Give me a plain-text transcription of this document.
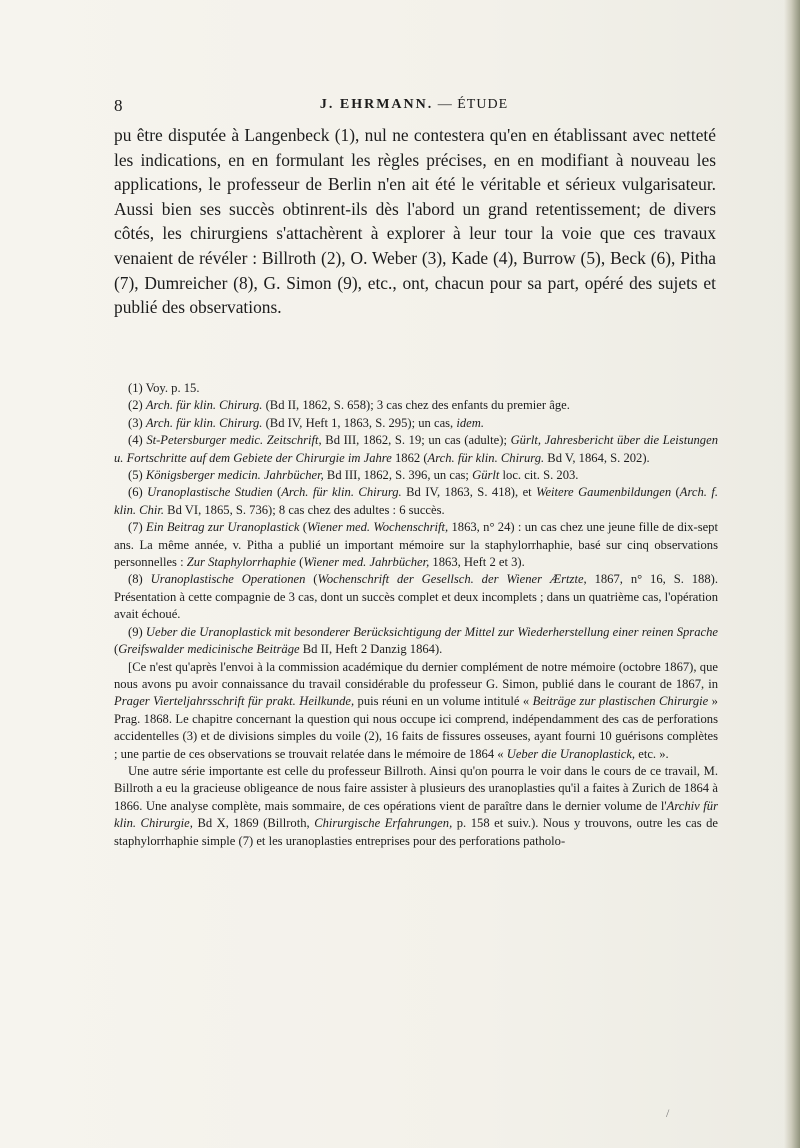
8	J. EHRMANN. — ÉTUDE

pu être disputée à Langenbeck (1), nul ne contestera qu'en en établissant avec netteté les indications, en en formulant les règles précises, en en modifiant à nouveau les applications, le professeur de Berlin n'en ait été le véritable et sérieux vulgarisateur. Aussi bien ses succès obtinrent-ils dès l'abord un grand retentissement; de divers côtés, les chirurgiens s'attachèrent à explorer à leur tour la voie que ces travaux venaient de révéler : Billroth (2), O. Weber (3), Kade (4), Burrow (5), Beck (6), Pitha (7), Dumreicher (8), G. Simon (9), etc., ont, chacun pour sa part, opéré des sujets et publié des observations.

(1) Voy. p. 15.

(2) Arch. für klin. Chirurg. (Bd II, 1862, S. 658); 3 cas chez des enfants du premier âge.

(3) Arch. für klin. Chirurg. (Bd IV, Heft 1, 1863, S. 295); un cas, idem.

(4) St-Petersburger medic. Zeitschrift, Bd III, 1862, S. 19; un cas (adulte); Gürlt, Jahresbericht über die Leistungen u. Fortschritte auf dem Gebiete der Chirurgie im Jahre 1862 (Arch. für klin. Chirurg. Bd V, 1864, S. 202).

(5) Königsberger medicin. Jahrbücher, Bd III, 1862, S. 396, un cas; Gürlt loc. cit. S. 203.

(6) Uranoplastische Studien (Arch. für klin. Chirurg. Bd IV, 1863, S. 418), et Weitere Gaumenbildungen (Arch. f. klin. Chir. Bd VI, 1865, S. 736); 8 cas chez des adultes : 6 succès.

(7) Ein Beitrag zur Uranoplastick (Wiener med. Wochenschrift, 1863, n° 24) : un cas chez une jeune fille de dix-sept ans. La même année, v. Pitha a publié un important mémoire sur la staphylorrhaphie, basé sur cinq observations personnelles : Zur Staphylorrhaphie (Wiener med. Jahrbücher, 1863, Heft 2 et 3).

(8) Uranoplastische Operationen (Wochenschrift der Gesellsch. der Wiener Ærtzte, 1867, n° 16, S. 188). Présentation à cette compagnie de 3 cas, dont un succès complet et deux incomplets ; dans un quatrième cas, l'opération avait échoué.

(9) Ueber die Uranoplastick mit besonderer Berücksichtigung der Mittel zur Wiederherstellung einer reinen Sprache (Greifswalder medicinische Beiträge Bd II, Heft 2 Danzig 1864).

[Ce n'est qu'après l'envoi à la commission académique du dernier complément de notre mémoire (octobre 1867), que nous avons pu avoir connaissance du travail considérable du professeur G. Simon, publié dans le courant de 1867, in Prager Vierteljahrsschrift für prakt. Heilkunde, puis réuni en un volume intitulé « Beiträge zur plastischen Chirurgie » Prag. 1868. Le chapitre concernant la question qui nous occupe ici comprend, indépendamment des cas de perforations accidentelles (3) et de divisions simples du voile (2), 16 faits de fissures osseuses, ayant fourni 10 guérisons complètes ; une partie de ces observations se trouvait relatée dans le mémoire de 1864 « Ueber die Uranoplastick, etc. ».

Une autre série importante est celle du professeur Billroth. Ainsi qu'on pourra le voir dans le cours de ce travail, M. Billroth a eu la gracieuse obligeance de nous faire assister à plusieurs des uranoplasties qu'il a faites à Zurich de 1864 à 1866. Une analyse complète, mais sommaire, de ces opérations vient de paraître dans le dernier volume de l'Archiv für klin. Chirurgie, Bd X, 1869 (Billroth, Chirurgische Erfahrungen, p. 158 et suiv.). Nous y trouvons, outre les cas de staphylorrhaphie simple (7) et les uranoplasties entreprises pour des perforations patholo-

/
